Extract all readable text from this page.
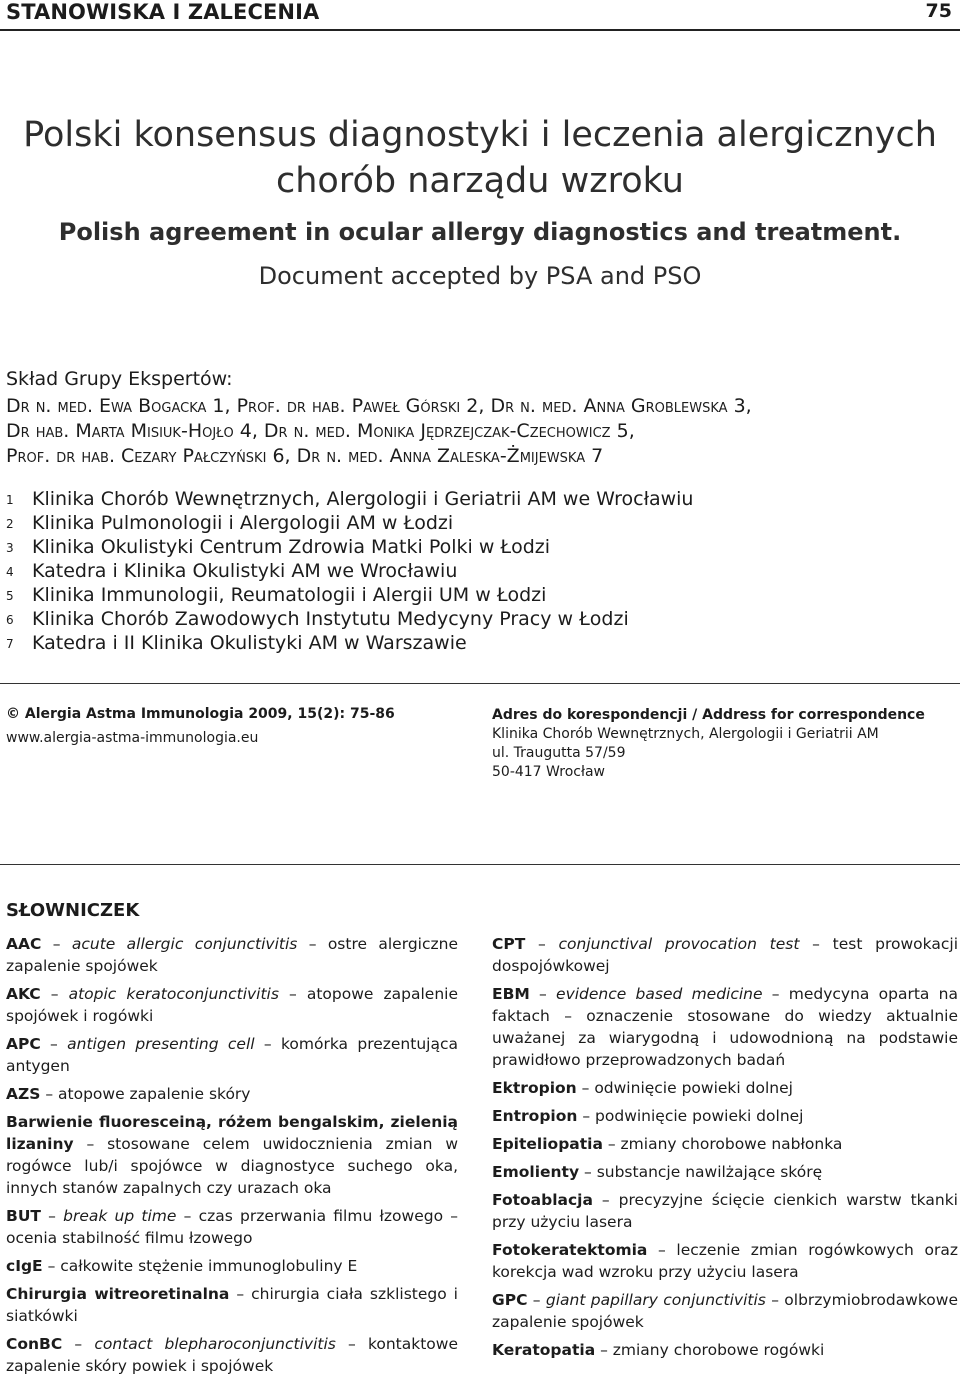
STANOWISKA I ZALECENIA	75
Polski konsensus diagnostyki i leczenia alergicznych
chorób narządu wzroku
Polish agreement in ocular allergy diagnostics and treatment.
Document accepted by PSA and PSO
Skład Grupy Ekspertów:
Dr n. med. Ewa Bogacka 1, Prof. dr hab. Paweł Górski 2, Dr n. med. Anna Groblewska 3,
Dr hab. Marta Misiuk-Hojło 4, Dr n. med. Monika Jędrzejczak-Czechowicz 5,
Prof. dr hab. Cezary Pałczyński 6, Dr n. med. Anna Zaleska-Żmijewska 7
1 Klinika Chorób Wewnętrznych, Alergologii i Geriatrii AM we Wrocławiu
2 Klinika Pulmonologii i Alergologii AM w Łodzi
3 Klinika Okulistyki Centrum Zdrowia Matki Polki w Łodzi
4 Katedra i Klinika Okulistyki AM we Wrocławiu
5 Klinika Immunologii, Reumatologii i Alergii UM w Łodzi
6 Klinika Chorób Zawodowych Instytutu Medycyny Pracy w Łodzi
7 Katedra i II Klinika Okulistyki AM w Warszawie
© Alergia Astma Immunologia 2009, 15(2): 75-86
www.alergia-astma-immunologia.eu
Adres do korespondencji / Address for correspondence
Klinika Chorób Wewnętrznych, Alergologii i Geriatrii AM
ul. Traugutta 57/59
50-417 Wrocław
SŁOWNICZEK
AAC – acute allergic conjunctivitis – ostre alergiczne zapalenie spojówek
AKC – atopic keratoconjunctivitis – atopowe zapalenie spojówek i rogówki
APC – antigen presenting cell – komórka prezentująca antygen
AZS – atopowe zapalenie skóry
Barwienie fluoresceiną, różem bengalskim, zielenią lizaniny – stosowane celem uwidocznienia zmian w rogówce lub/i spojówce w diagnostyce suchego oka, innych stanów zapalnych czy urazach oka
BUT – break up time – czas przerwania filmu łzowego – ocenia stabilność filmu łzowego
cIgE – całkowite stężenie immunoglobuliny E
Chirurgia witreoretinalna – chirurgia ciała szklistego i siatkówki
ConBC – contact blepharoconjunctivitis – kontaktowe zapalenie skóry powiek i spojówek
CPT – conjunctival provocation test – test prowokacji dospojówkowej
EBM – evidence based medicine – medycyna oparta na faktach – oznaczenie stosowane do wiedzy aktualnie uważanej za wiarygodną i udowodnioną na podstawie prawidłowo przeprowadzonych badań
Ektropion – odwinięcie powieki dolnej
Entropion – podwinięcie powieki dolnej
Epiteliopatia – zmiany chorobowe nabłonka
Emolienty – substancje nawilżające skórę
Fotoablacja – precyzyjne ścięcie cienkich warstw tkanki przy użyciu lasera
Fotokeratektomia – leczenie zmian rogówkowych oraz korekcja wad wzroku przy użyciu lasera
GPC – giant papillary conjunctivitis – olbrzymiobrodawkowe zapalenie spojówek
Keratopatia – zmiany chorobowe rogówki
